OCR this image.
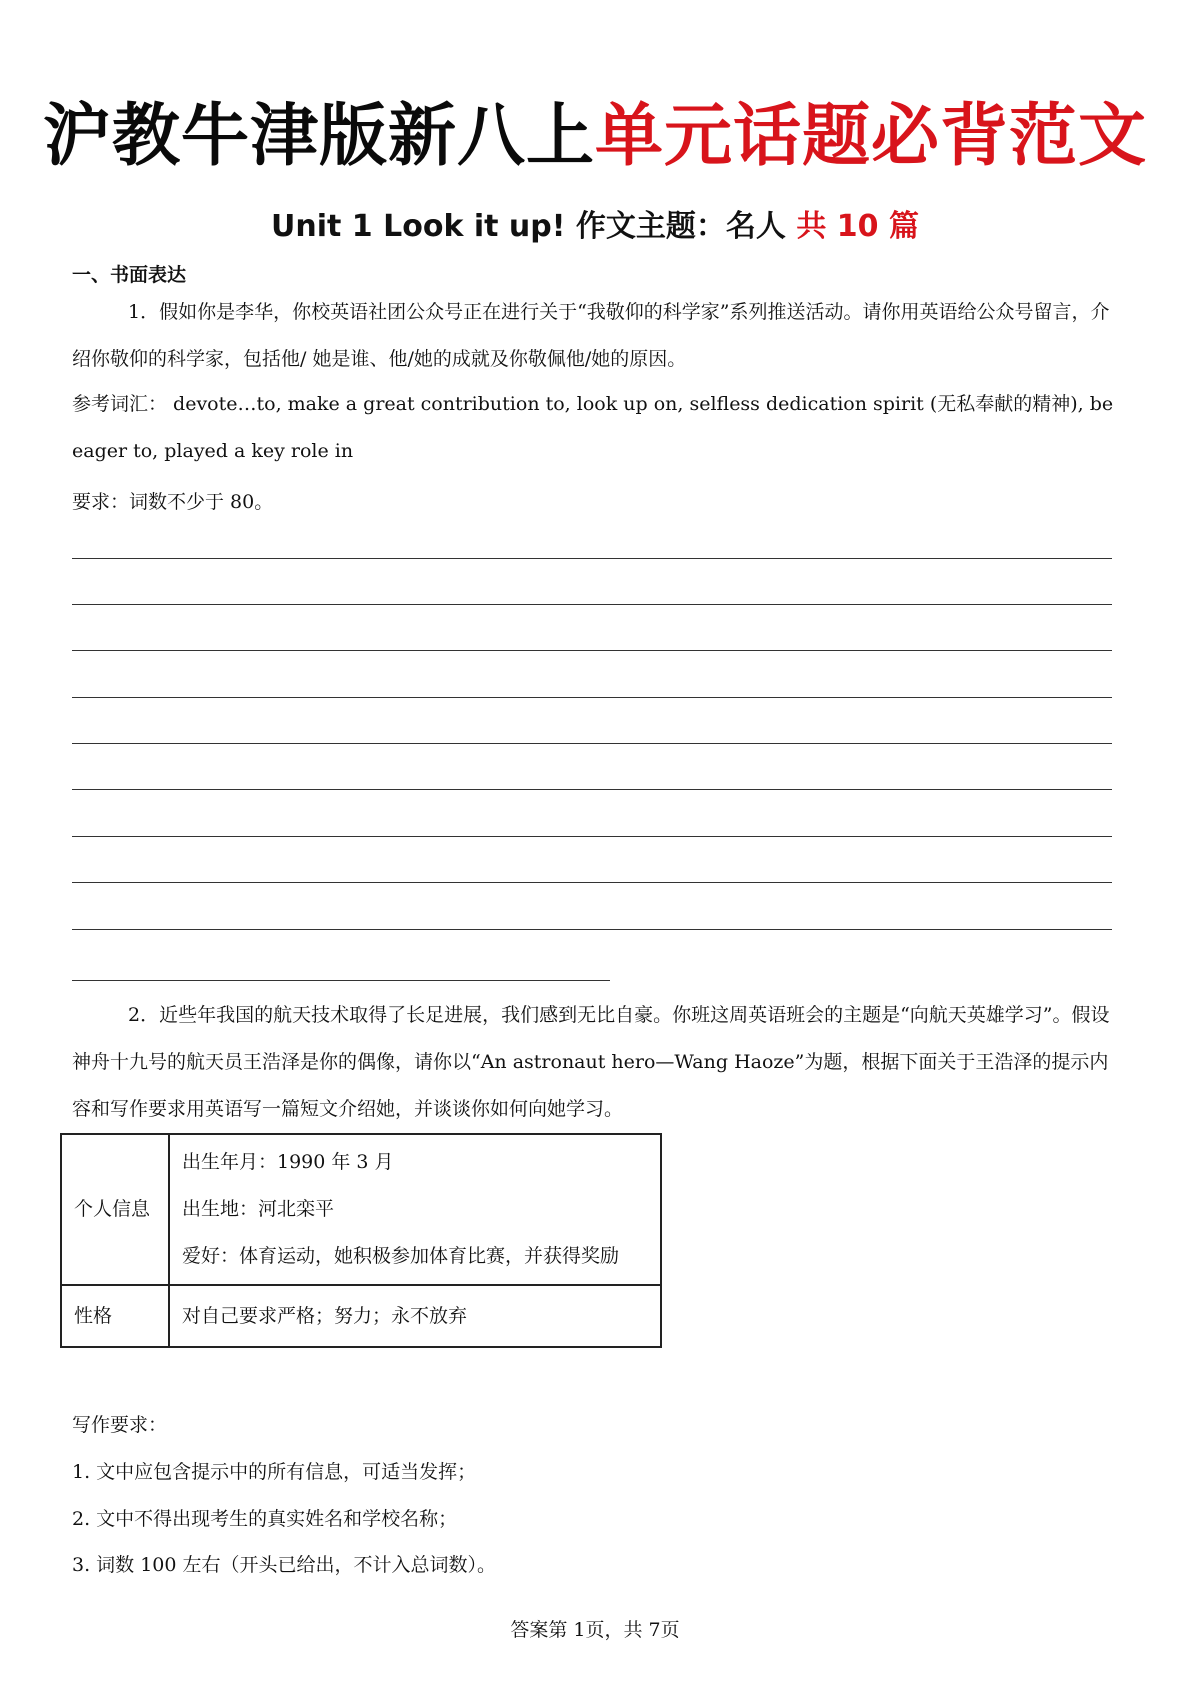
沪教牛津版新八上单元话题必背范文
Unit 1 Look it up! 作文主题：名人 共 10 篇
一、书面表达

1．假如你是李华，你校英语社团公众号正在进行关于“我敬仰的科学家”系列推送活动。请你用英语给公众号留言，介绍你敬仰的科学家，包括他/ 她是谁、他/她的成就及你敬佩他/她的原因。

参考词汇： devote…to, make a great contribution to, look up on, selfless dedication spirit (无私奉献的精神), be eager to, played a key role in

要求：词数不少于 80。

2．近些年我国的航天技术取得了长足进展，我们感到无比自豪。你班这周英语班会的主题是“向航天英雄学习”。假设神舟十九号的航天员王浩泽是你的偶像，请你以“An astronaut hero—Wang Haoze”为题，根据下面关于王浩泽的提示内容和写作要求用英语写一篇短文介绍她，并谈谈你如何向她学习。

个人信息	出生年月：1990 年 3 月
出生地：河北栾平
爱好：体育运动，她积极参加体育比赛，并获得奖励

性格	对自己要求严格；努力；永不放弃
写作要求：
1. 文中应包含提示中的所有信息，可适当发挥；
2. 文中不得出现考生的真实姓名和学校名称；
3. 词数 100 左右（开头已给出，不计入总词数）。
答案第 1页，共 7页
